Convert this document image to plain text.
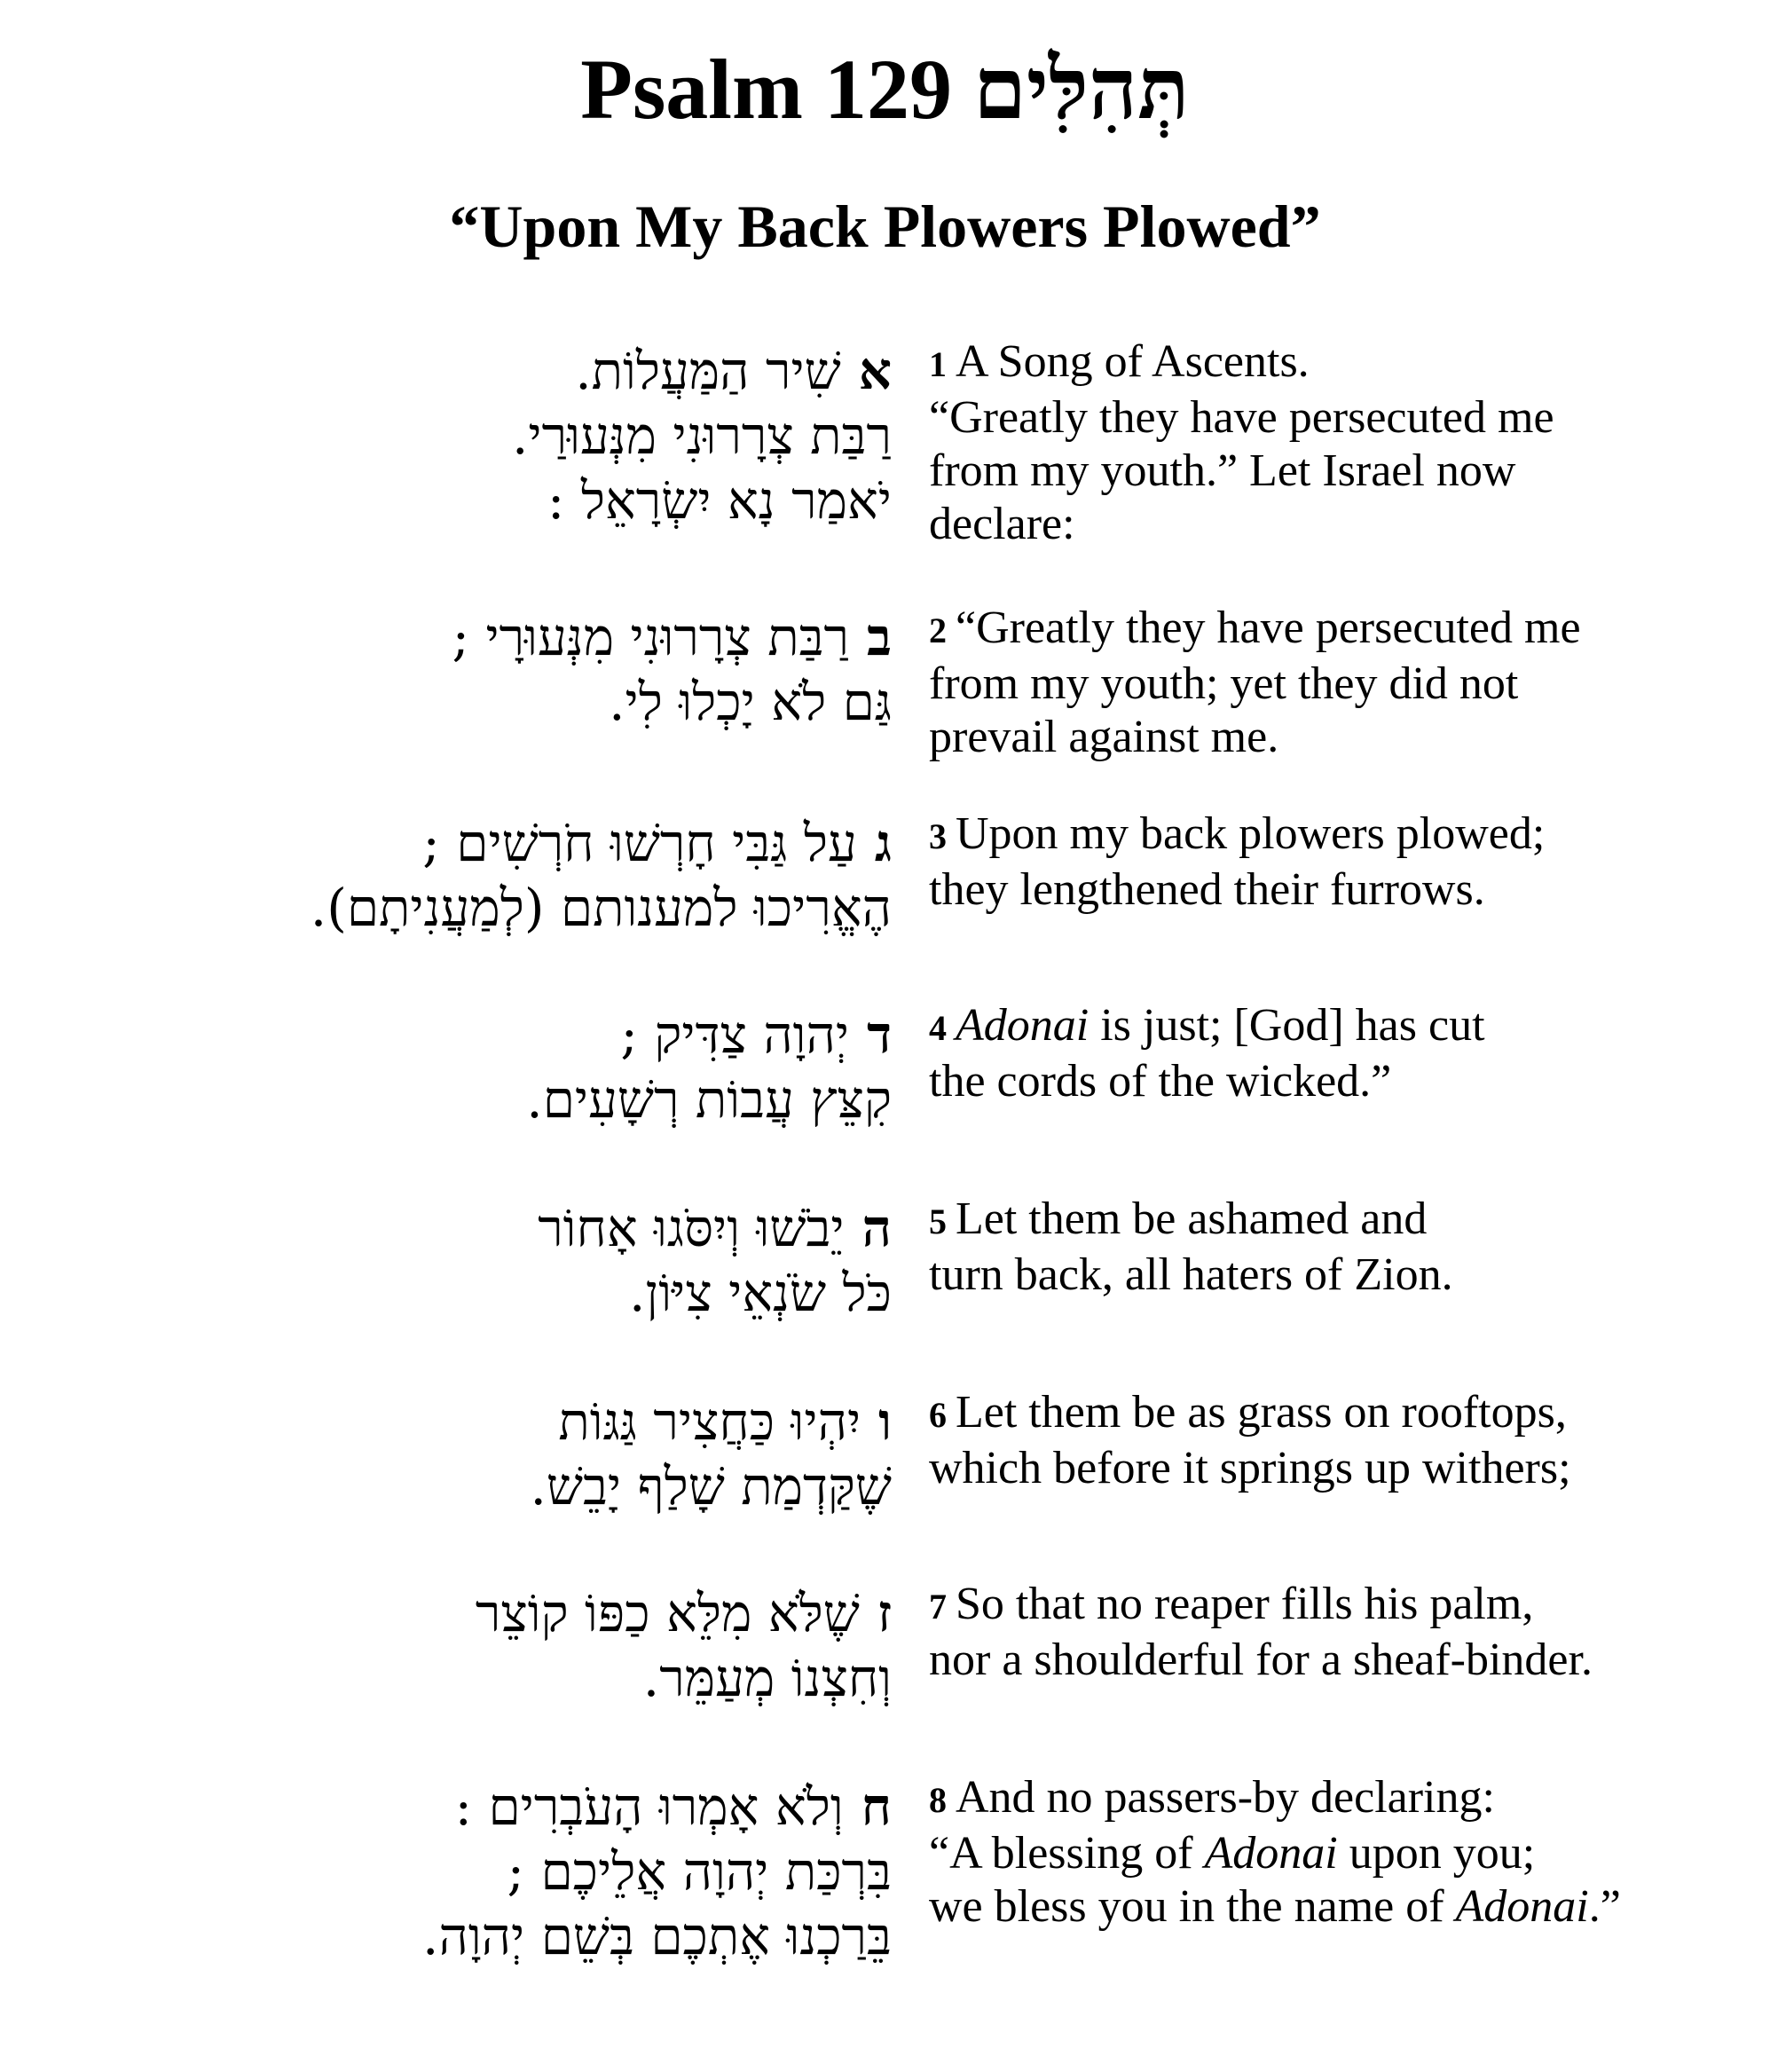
Psalm 129 תְּהִלִּים
“Upon My Back Plowers Plowed”
אשִׁיר הַמַּעֲלוֹת.
רַבַּת צְרָרוּנִי מִנְּעוּרַי.
יֹאמַר נָא יִשְׂרָאֵל :
1 A Song of Ascents.
“Greatly they have persecuted me
from my youth.” Let Israel now
declare:
ברַבַּת צְרָרוּנִי מִנְּעוּרָי ;
גַּם לֹא יָכְלוּ לִי.
2 “Greatly they have persecuted me
from my youth; yet they did not
prevail against me.
געַל גַּבִּי חָרְשׁוּ חֹרְשִׁים ;
הֶאֱרִיכוּ למענותם (לְמַעֲנִיתָם).
3 Upon my back plowers plowed;
they lengthened their furrows.
דיְהוָה צַדִּיק ;
קִצֵּץ עֲבוֹת רְשָׁעִים.
4 Adonai is just; [God] has cut
the cords of the wicked.”
היֵבֹשׁוּ וְיִסֹּגוּ אָחוֹר
כֹּל שֹׂנְאֵי צִיּוֹן.
5 Let them be ashamed and
turn back, all haters of Zion.
ויִהְיוּ כַּחֲצִיר גַּגּוֹת
שֶׁקַּדְמַת שָׁלַף יָבֵשׁ.
6 Let them be as grass on rooftops,
which before it springs up withers;
זשֶׁלֹּא מִלֵּא כַפּוֹ קוֹצֵר
וְחִצְנוֹ מְעַמֵּר.
7 So that no reaper fills his palm,
nor a shoulderful for a sheaf-binder.
חוְלֹא אָמְרוּ הָעֹבְרִים :
בִּרְכַּת יְהוָה אֲלֵיכֶם ;
בֵּרַכְנוּ אֶתְכֶם בְּשֵׁם יְהוָה.
8 And no passers-by declaring:
“A blessing of Adonai upon you;
we bless you in the name of Adonai.”
